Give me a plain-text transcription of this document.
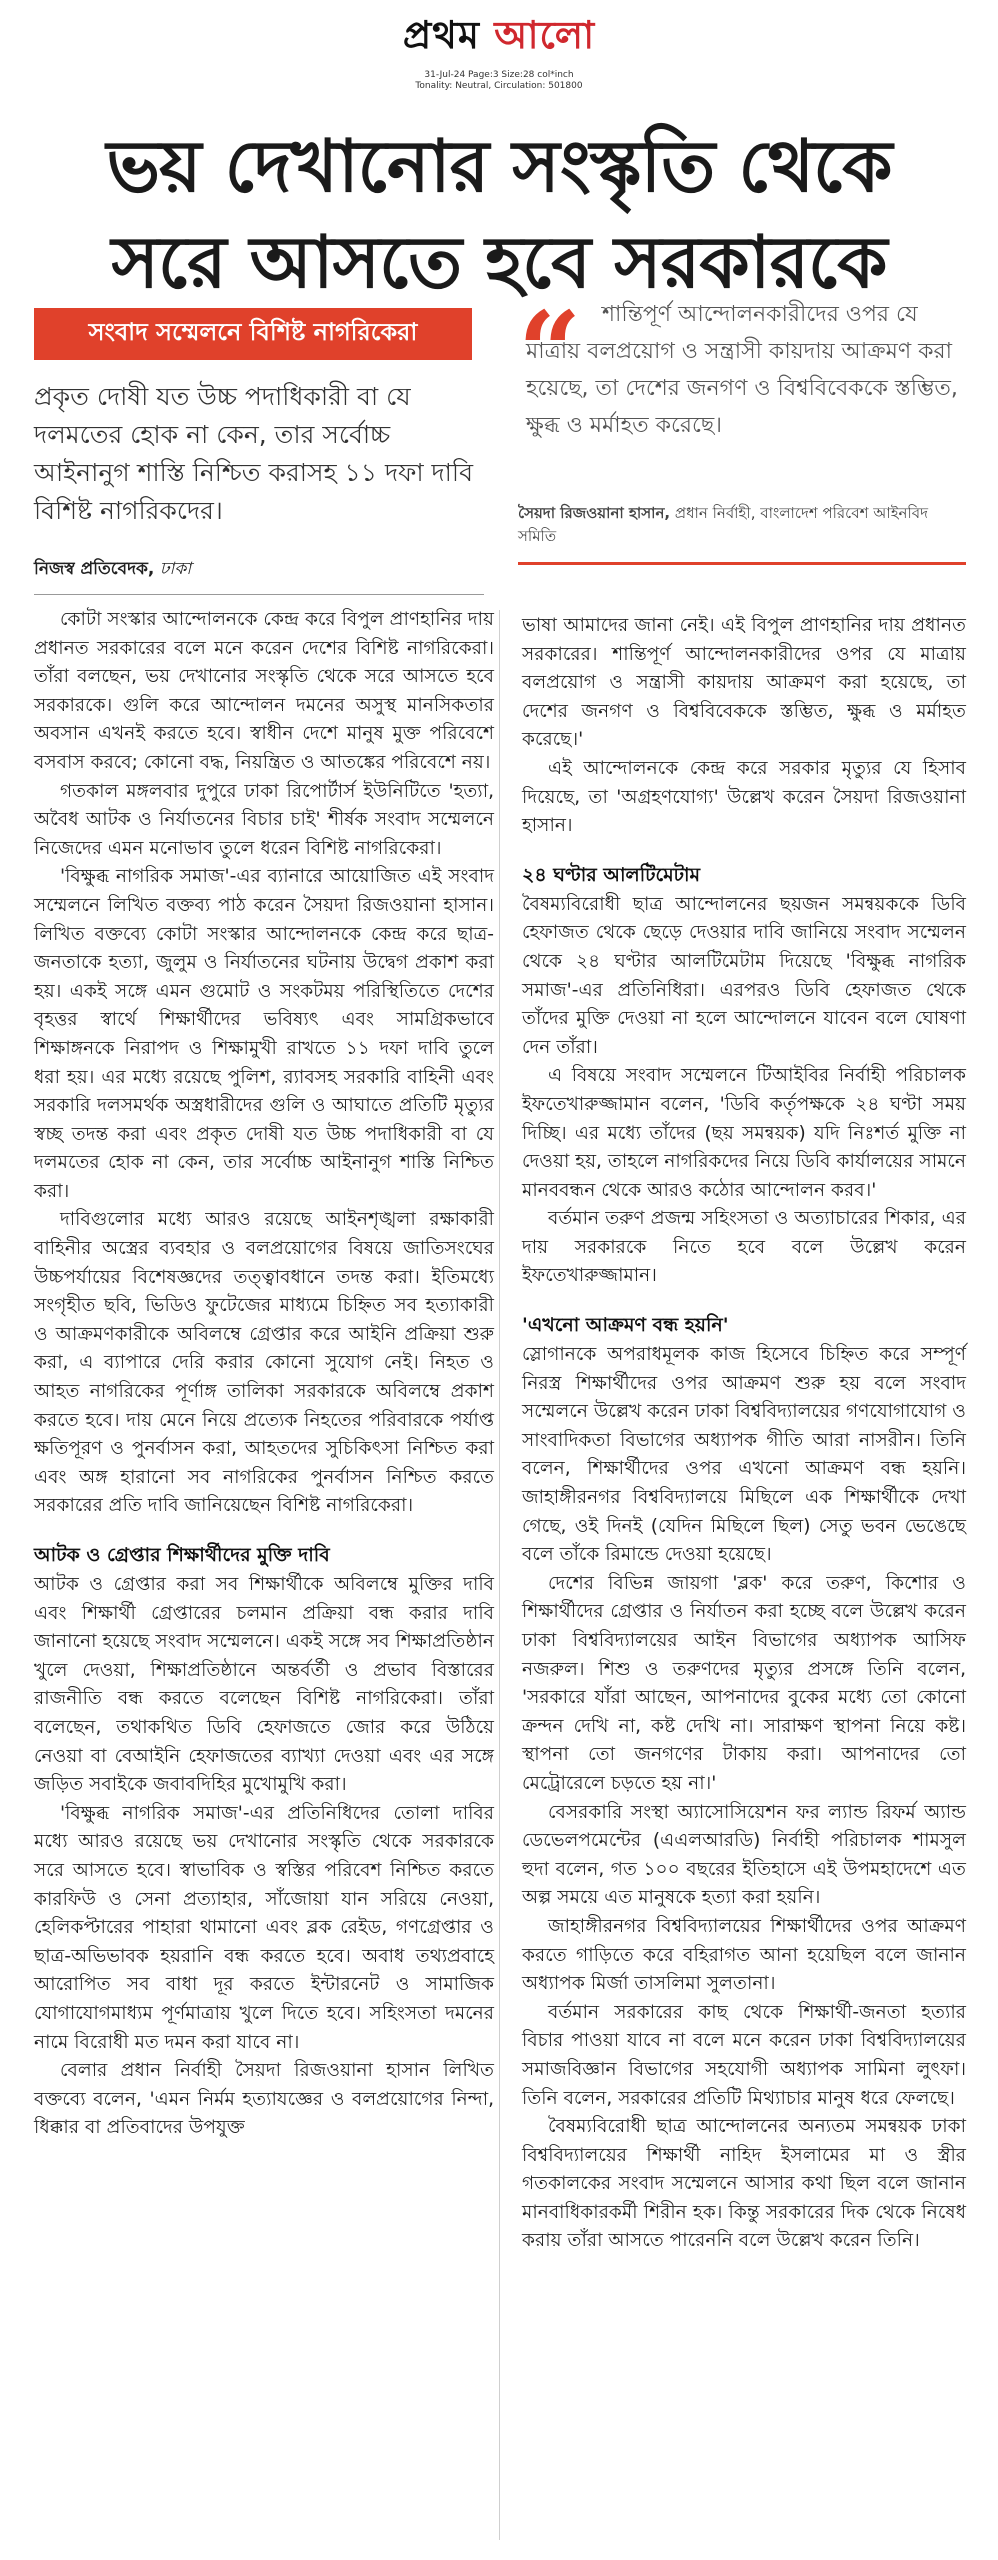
প্রথম আলো
31-Jul-24 Page:3 Size:28 col*inch
Tonality: Neutral, Circulation: 501800
ভয় দেখানোর সংস্কৃতি থেকে
সরে আসতে হবে সরকারকে
সংবাদ সম্মেলনে বিশিষ্ট নাগরিকেরা
প্রকৃত দোষী যত উচ্চ পদাধিকারী বা যে দলমতের হোক না কেন, তার সর্বোচ্চ আইনানুগ শাস্তি নিশ্চিত করাসহ ১১ দফা দাবি বিশিষ্ট নাগরিকদের।
নিজস্ব প্রতিবেদক, ঢাকা
“ শান্তিপূর্ণ আন্দোলনকারীদের ওপর যে মাত্রায় বলপ্রয়োগ ও সন্ত্রাসী কায়দায় আক্রমণ করা হয়েছে, তা দেশের জনগণ ও বিশ্ববিবেককে স্তম্ভিত, ক্ষুব্ধ ও মর্মাহত করেছে।
সৈয়দা রিজওয়ানা হাসান, প্রধান নির্বাহী, বাংলাদেশ পরিবেশ আইনবিদ সমিতি

কোটা সংস্কার আন্দোলনকে কেন্দ্র করে বিপুল প্রাণহানির দায় প্রধানত সরকারের বলে মনে করেন দেশের বিশিষ্ট নাগরিকেরা। তাঁরা বলছেন, ভয় দেখানোর সংস্কৃতি থেকে সরে আসতে হবে সরকারকে। গুলি করে আন্দোলন দমনের অসুস্থ মানসিকতার অবসান এখনই করতে হবে। স্বাধীন দেশে মানুষ মুক্ত পরিবেশে বসবাস করবে; কোনো বদ্ধ, নিয়ন্ত্রিত ও আতঙ্কের পরিবেশে নয়।

গতকাল মঙ্গলবার দুপুরে ঢাকা রিপোর্টার্স ইউনিটিতে 'হত্যা, অবৈধ আটক ও নির্যাতনের বিচার চাই' শীর্ষক সংবাদ সম্মেলনে নিজেদের এমন মনোভাব তুলে ধরেন বিশিষ্ট নাগরিকেরা।

'বিক্ষুব্ধ নাগরিক সমাজ'-এর ব্যানারে আয়োজিত এই সংবাদ সম্মেলনে লিখিত বক্তব্য পাঠ করেন সৈয়দা রিজওয়ানা হাসান। লিখিত বক্তব্যে কোটা সংস্কার আন্দোলনকে কেন্দ্র করে ছাত্র-জনতাকে হত্যা, জুলুম ও নির্যাতনের ঘটনায় উদ্বেগ প্রকাশ করা হয়। একই সঙ্গে এমন গুমোট ও সংকটময় পরিস্থিতিতে দেশের বৃহত্তর স্বার্থে শিক্ষার্থীদের ভবিষ্যৎ এবং সামগ্রিকভাবে শিক্ষাঙ্গনকে নিরাপদ ও শিক্ষামুখী রাখতে ১১ দফা দাবি তুলে ধরা হয়। এর মধ্যে রয়েছে পুলিশ, র‌্যাবসহ সরকারি বাহিনী এবং সরকারি দলসমর্থক অস্ত্রধারীদের গুলি ও আঘাতে প্রতিটি মৃত্যুর স্বচ্ছ তদন্ত করা এবং প্রকৃত দোষী যত উচ্চ পদাধিকারী বা যে দলমতের হোক না কেন, তার সর্বোচ্চ আইনানুগ শাস্তি নিশ্চিত করা।

দাবিগুলোর মধ্যে আরও রয়েছে আইনশৃঙ্খলা রক্ষাকারী বাহিনীর অস্ত্রের ব্যবহার ও বলপ্রয়োগের বিষয়ে জাতিসংঘের উচ্চপর্যায়ের বিশেষজ্ঞদের তত্ত্বাবধানে তদন্ত করা। ইতিমধ্যে সংগৃহীত ছবি, ভিডিও ফুটেজের মাধ্যমে চিহ্নিত সব হত্যাকারী ও আক্রমণকারীকে অবিলম্বে গ্রেপ্তার করে আইনি প্রক্রিয়া শুরু করা, এ ব্যাপারে দেরি করার কোনো সুযোগ নেই। নিহত ও আহত নাগরিকের পূর্ণাঙ্গ তালিকা সরকারকে অবিলম্বে প্রকাশ করতে হবে। দায় মেনে নিয়ে প্রত্যেক নিহতের পরিবারকে পর্যাপ্ত ক্ষতিপূরণ ও পুনর্বাসন করা, আহতদের সুচিকিৎসা নিশ্চিত করা এবং অঙ্গ হারানো সব নাগরিকের পুনর্বাসন নিশ্চিত করতে সরকারের প্রতি দাবি জানিয়েছেন বিশিষ্ট নাগরিকেরা।

আটক ও গ্রেপ্তার শিক্ষার্থীদের মুক্তি দাবি

আটক ও গ্রেপ্তার করা সব শিক্ষার্থীকে অবিলম্বে মুক্তির দাবি এবং শিক্ষার্থী গ্রেপ্তারের চলমান প্রক্রিয়া বন্ধ করার দাবি জানানো হয়েছে সংবাদ সম্মেলনে। একই সঙ্গে সব শিক্ষাপ্রতিষ্ঠান খুলে দেওয়া, শিক্ষাপ্রতিষ্ঠানে অন্তর্বর্তী ও প্রভাব বিস্তারের রাজনীতি বন্ধ করতে বলেছেন বিশিষ্ট নাগরিকেরা। তাঁরা বলেছেন, তথাকথিত ডিবি হেফাজতে জোর করে উঠিয়ে নেওয়া বা বেআইনি হেফাজতের ব্যাখ্যা দেওয়া এবং এর সঙ্গে জড়িত সবাইকে জবাবদিহির মুখোমুখি করা।

'বিক্ষুব্ধ নাগরিক সমাজ'-এর প্রতিনিধিদের তোলা দাবির মধ্যে আরও রয়েছে ভয় দেখানোর সংস্কৃতি থেকে সরকারকে সরে আসতে হবে। স্বাভাবিক ও স্বস্তির পরিবেশ নিশ্চিত করতে কারফিউ ও সেনা প্রত্যাহার, সাঁজোয়া যান সরিয়ে নেওয়া, হেলিকপ্টারের পাহারা থামানো এবং ব্লক রেইড, গণগ্রেপ্তার ও ছাত্র-অভিভাবক হয়রানি বন্ধ করতে হবে। অবাধ তথ্যপ্রবাহে আরোপিত সব বাধা দূর করতে ইন্টারনেট ও সামাজিক যোগাযোগমাধ্যম পূর্ণমাত্রায় খুলে দিতে হবে। সহিংসতা দমনের নামে বিরোধী মত দমন করা যাবে না।

বেলার প্রধান নির্বাহী সৈয়দা রিজওয়ানা হাসান লিখিত বক্তব্যে বলেন, 'এমন নির্মম হত্যাযজ্ঞের ও বলপ্রয়োগের নিন্দা, ধিক্কার বা প্রতিবাদের উপযুক্ত

ভাষা আমাদের জানা নেই। এই বিপুল প্রাণহানির দায় প্রধানত সরকারের। শান্তিপূর্ণ আন্দোলনকারীদের ওপর যে মাত্রায় বলপ্রয়োগ ও সন্ত্রাসী কায়দায় আক্রমণ করা হয়েছে, তা দেশের জনগণ ও বিশ্ববিবেককে স্তম্ভিত, ক্ষুব্ধ ও মর্মাহত করেছে।'

এই আন্দোলনকে কেন্দ্র করে সরকার মৃত্যুর যে হিসাব দিয়েছে, তা 'অগ্রহণযোগ্য' উল্লেখ করেন সৈয়দা রিজওয়ানা হাসান।

২৪ ঘণ্টার আলটিমেটাম

বৈষম্যবিরোধী ছাত্র আন্দোলনের ছয়জন সমন্বয়ককে ডিবি হেফাজত থেকে ছেড়ে দেওয়ার দাবি জানিয়ে সংবাদ সম্মেলন থেকে ২৪ ঘণ্টার আলটিমেটাম দিয়েছে 'বিক্ষুব্ধ নাগরিক সমাজ'-এর প্রতিনিধিরা। এরপরও ডিবি হেফাজত থেকে তাঁদের মুক্তি দেওয়া না হলে আন্দোলনে যাবেন বলে ঘোষণা দেন তাঁরা।

এ বিষয়ে সংবাদ সম্মেলনে টিআইবির নির্বাহী পরিচালক ইফতেখারুজ্জামান বলেন, 'ডিবি কর্তৃপক্ষকে ২৪ ঘণ্টা সময় দিচ্ছি। এর মধ্যে তাঁদের (ছয় সমন্বয়ক) যদি নিঃশর্ত মুক্তি না দেওয়া হয়, তাহলে নাগরিকদের নিয়ে ডিবি কার্যালয়ের সামনে মানববন্ধন থেকে আরও কঠোর আন্দোলন করব।'

বর্তমান তরুণ প্রজন্ম সহিংসতা ও অত্যাচারের শিকার, এর দায় সরকারকে নিতে হবে বলে উল্লেখ করেন ইফতেখারুজ্জামান।

'এখনো আক্রমণ বন্ধ হয়নি'

স্লোগানকে অপরাধমূলক কাজ হিসেবে চিহ্নিত করে সম্পূর্ণ নিরস্ত্র শিক্ষার্থীদের ওপর আক্রমণ শুরু হয় বলে সংবাদ সম্মেলনে উল্লেখ করেন ঢাকা বিশ্ববিদ্যালয়ের গণযোগাযোগ ও সাংবাদিকতা বিভাগের অধ্যাপক গীতি আরা নাসরীন। তিনি বলেন, শিক্ষার্থীদের ওপর এখনো আক্রমণ বন্ধ হয়নি। জাহাঙ্গীরনগর বিশ্ববিদ্যালয়ে মিছিলে এক শিক্ষার্থীকে দেখা গেছে, ওই দিনই (যেদিন মিছিলে ছিল) সেতু ভবন ভেঙেছে বলে তাঁকে রিমান্ডে দেওয়া হয়েছে।

দেশের বিভিন্ন জায়গা 'ব্লক' করে তরুণ, কিশোর ও শিক্ষার্থীদের গ্রেপ্তার ও নির্যাতন করা হচ্ছে বলে উল্লেখ করেন ঢাকা বিশ্ববিদ্যালয়ের আইন বিভাগের অধ্যাপক আসিফ নজরুল। শিশু ও তরুণদের মৃত্যুর প্রসঙ্গে তিনি বলেন, 'সরকারে যাঁরা আছেন, আপনাদের বুকের মধ্যে তো কোনো ক্রন্দন দেখি না, কষ্ট দেখি না। সারাক্ষণ স্থাপনা নিয়ে কষ্ট। স্থাপনা তো জনগণের টাকায় করা। আপনাদের তো মেট্রোরেলে চড়তে হয় না।'

বেসরকারি সংস্থা অ্যাসোসিয়েশন ফর ল্যান্ড রিফর্ম অ্যান্ড ডেভেলপমেন্টের (এএলআরডি) নির্বাহী পরিচালক শামসুল হুদা বলেন, গত ১০০ বছরের ইতিহাসে এই উপমহাদেশে এত অল্প সময়ে এত মানুষকে হত্যা করা হয়নি।

জাহাঙ্গীরনগর বিশ্ববিদ্যালয়ের শিক্ষার্থীদের ওপর আক্রমণ করতে গাড়িতে করে বহিরাগত আনা হয়েছিল বলে জানান অধ্যাপক মির্জা তাসলিমা সুলতানা।

বর্তমান সরকারের কাছ থেকে শিক্ষার্থী-জনতা হত্যার বিচার পাওয়া যাবে না বলে মনে করেন ঢাকা বিশ্ববিদ্যালয়ের সমাজবিজ্ঞান বিভাগের সহযোগী অধ্যাপক সামিনা লুৎফা। তিনি বলেন, সরকারের প্রতিটি মিথ্যাচার মানুষ ধরে ফেলছে।

বৈষম্যবিরোধী ছাত্র আন্দোলনের অন্যতম সমন্বয়ক ঢাকা বিশ্ববিদ্যালয়ের শিক্ষার্থী নাহিদ ইসলামের মা ও স্ত্রীর গতকালকের সংবাদ সম্মেলনে আসার কথা ছিল বলে জানান মানবাধিকারকর্মী শিরীন হক। কিন্তু সরকারের দিক থেকে নিষেধ করায় তাঁরা আসতে পারেননি বলে উল্লেখ করেন তিনি।
